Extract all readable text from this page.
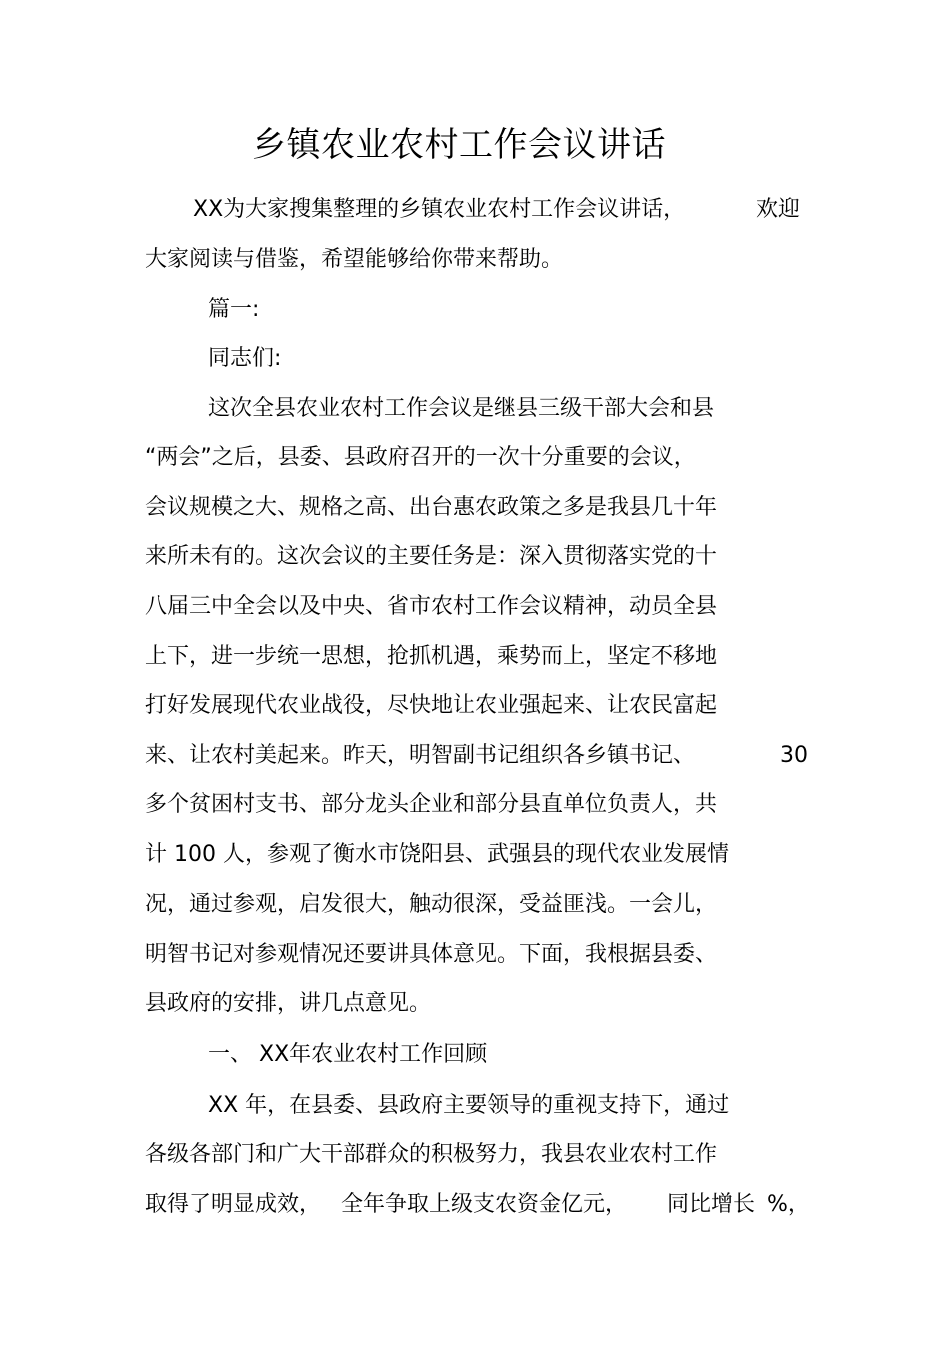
乡镇农业农村工作会议讲话
XX为大家搜集整理的乡镇农业农村工作会议讲话，	欢迎
大家阅读与借鉴，希望能够给你带来帮助。
篇一:
同志们:
这次全县农业农村工作会议是继县三级干部大会和县
“两会”之后，县委、县政府召开的一次十分重要的会议，
会议规模之大、规格之高、出台惠农政策之多是我县几十年
来所未有的。这次会议的主要任务是：深入贯彻落实党的十
八届三中全会以及中央、省市农村工作会议精神，动员全县
上下，进一步统一思想，抢抓机遇，乘势而上，坚定不移地
打好发展现代农业战役，尽快地让农业强起来、让农民富起
来、让农村美起来。昨天，明智副书记组织各乡镇书记、	30
多个贫困村支书、部分龙头企业和部分县直单位负责人，共
计 100 人，参观了衡水市饶阳县、武强县的现代农业发展情
况，通过参观，启发很大，触动很深，受益匪浅。一会儿，
明智书记对参观情况还要讲具体意见。下面，我根据县委、
县政府的安排，讲几点意见。
一、 XX年农业农村工作回顾
XX 年，在县委、县政府主要领导的重视支持下，通过
各级各部门和广大干部群众的积极努力，我县农业农村工作
取得了明显成效， 全年争取上级支农资金亿元， 同比增长 %，
